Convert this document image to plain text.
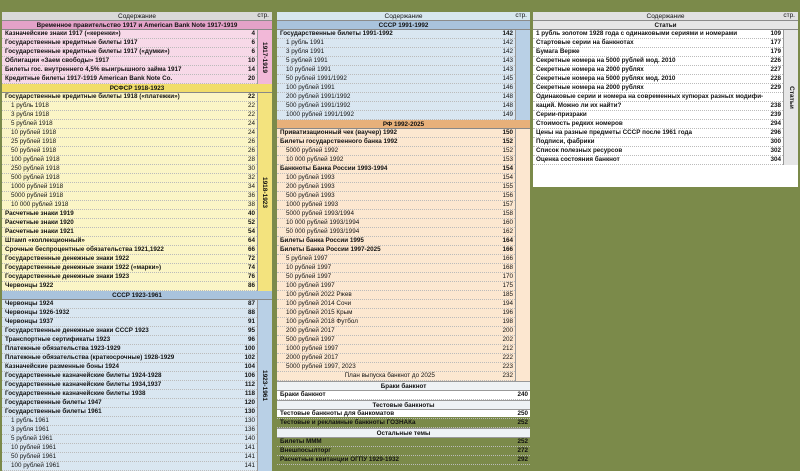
Содержание	стр.
Временное правительство 1917 и American Bank Note 1917-1919
Казначейские знаки 1917 («керенки»)	4
Государственные кредитные билеты 1917	6
Государственные кредитные билеты 1917 («думки»)	6
Облигации «Заем свободы» 1917	10
Билеты гос. внутреннего 4,5% выигрышного займа 1917	14
Кредитные билеты 1917-1919 American Bank Note Co.	20
1917-1919
РСФСР 1918-1923
Государственные кредитные билеты 1918 («платежки»)	22
1 рубль 1918	22
3 рубля 1918	22
5 рублей 1918	24
10 рублей 1918	24
25 рублей 1918	26
50 рублей 1918	26
100 рублей 1918	28
250 рублей 1918	30
500 рублей 1918	32
1000 рублей 1918	34
5000 рублей 1918	36
10 000 рублей 1918	38
Расчетные знаки 1919	40
Расчетные знаки 1920	52
Расчетные знаки 1921	54
Штамп «коллекционный»	64
Срочные беспроцентные обязательства 1921,1922	66
Государственные денежные знаки 1922	72
Государственные денежные знаки 1922 («марки»)	74
Государственные денежные знаки 1923	76
Червонцы 1922	86
1918-1923
СССР 1923-1961
Червонцы 1924	87
Червонцы 1926-1932	88
Червонцы 1937	91
Государственные денежные знаки СССР 1923	95
Транспортные сертификаты 1923	96
Платежные обязательства 1923-1929	100
Платежные обязательства (краткосрочные) 1928-1929	102
Казначейские разменные боны 1924	104
Государственные казначейские билеты 1924-1928	106
Государственные казначейские билеты 1934,1937	112
Государственные казначейские билеты 1938	118
Государственные билеты 1947	120
Государственные билеты 1961	130
1 рубль 1961	130
3 рубля 1961	136
5 рублей 1961	140
10 рублей 1961	141
50 рублей 1961	141
100 рублей 1961	141
1923-1961
Содержание	стр.
СССР 1991-1992
Государственные билеты 1991-1992	142
1 рубль 1991	142
3 рубля 1991	142
5 рублей 1991	143
10 рублей 1991	143
50 рублей 1991/1992	145
100 рублей 1991	146
200 рублей 1991/1992	148
500 рублей 1991/1992	148
1000 рублей 1991/1992	149
РФ 1992-2025
Приватизационный чек (ваучер) 1992	150
Билеты государственного банка 1992	152
5000 рублей 1992	152
10 000 рублей 1992	153
Банкноты Банка России 1993-1994	154
100 рублей 1993	154
200 рублей 1993	155
500 рублей 1993	156
1000 рублей 1993	157
5000 рублей 1993/1994	158
10 000 рублей 1993/1994	160
50 000 рублей 1993/1994	162
Билеты банка России 1995	164
Билеты Банка России 1997-2025	166
5 рублей 1997	166
10 рублей 1997	168
50 рублей 1997	170
100 рублей 1997	175
100 рублей 2022 Ржев	185
100 рублей 2014 Сочи	194
100 рублей 2015 Крым	196
100 рублей 2018 Футбол	198
200 рублей 2017	200
500 рублей 1997	202
1000 рублей 1997	212
2000 рублей 2017	222
5000 рублей 1997, 2023	223
План выпуска банкнот до 2025	232
Браки банкнот
Браки банкнот	240
Тестовые банкноты
Тестовые банкноты для банкоматов	250
Тестовые и рекламные банкноты ГОЗНАКа	252
Остальные темы
Билеты МММ	252
Внешпосылторг	272
Расчетные квитанции ОГПУ 1929-1932	292
Содержание	стр.
Статьи
1 рубль золотом 1928 года с одинаковыми сериями и номерами	109
Стартовые серии на банкнотах	177
Бумага Верже	179
Секретные номера на 5000 рублей мод. 2010	226
Секретные номера на 2000 рублях	227
Секретные номера на 5000 рублях мод. 2010	228
Секретные номера на 2000 рублях	229
Одинаковые серии и номера на современных купюрах разных модифи-
каций. Можно ли их найти?	238
Серии-призраки	239
Стоимость редких номеров	294
Цены на разные предметы СССР после 1961 года	296
Подписи, фабрики	300
Список полезных ресурсов	302
Оценка состояния банкнот	304
Статьи
